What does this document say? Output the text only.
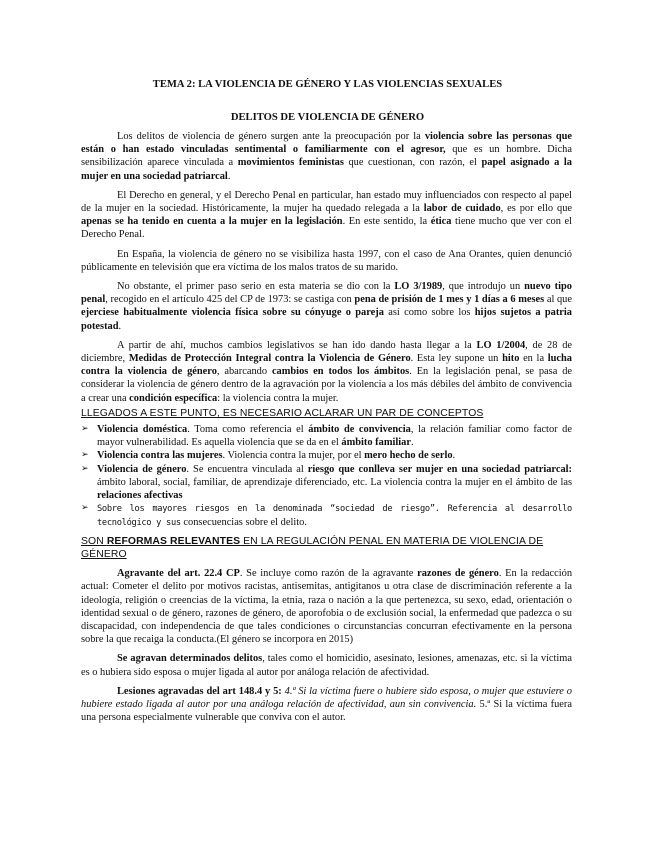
TEMA 2: LA VIOLENCIA DE GÉNERO Y LAS VIOLENCIAS SEXUALES
DELITOS DE VIOLENCIA DE GÉNERO

Los delitos de violencia de género surgen ante la preocupación por la violencia sobre las personas que están o han estado vinculadas sentimental o familiarmente con el agresor, que es un hombre. Dicha sensibilización aparece vinculada a movimientos feministas que cuestionan, con razón, el papel asignado a la mujer en una sociedad patriarcal.

El Derecho en general, y el Derecho Penal en particular, han estado muy influenciados con respecto al papel de la mujer en la sociedad. Históricamente, la mujer ha quedado relegada a la labor de cuidado, es por ello que apenas se ha tenido en cuenta a la mujer en la legislación. En este sentido, la ética tiene mucho que ver con el Derecho Penal.

En España, la violencia de género no se visibiliza hasta 1997, con el caso de Ana Orantes, quien denunció públicamente en televisión que era víctima de los malos tratos de su marido.

No obstante, el primer paso serio en esta materia se dio con la LO 3/1989, que introdujo un nuevo tipo penal, recogido en el artículo 425 del CP de 1973: se castiga con pena de prisión de 1 mes y 1 días a 6 meses al que ejerciese habitualmente violencia física sobre su cónyuge o pareja así como sobre los hijos sujetos a patria potestad.

A partir de ahí, muchos cambios legislativos se han ido dando hasta llegar a la LO 1/2004, de 28 de diciembre, Medidas de Protección Integral contra la Violencia de Género. Esta ley supone un hito en la lucha contra la violencia de género, abarcando cambios en todos los ámbitos. En la legislación penal, se pasa de considerar la violencia de género dentro de la agravación por la violencia a los más débiles del ámbito de convivencia a crear una condición específica: la violencia contra la mujer.

LLEGADOS A ESTE PUNTO, ES NECESARIO ACLARAR UN PAR DE CONCEPTOS
➢ Violencia doméstica. Toma como referencia el ámbito de convivencia, la relación familiar como factor de mayor vulnerabilidad. Es aquella violencia que se da en el ámbito familiar.
➢ Violencia contra las mujeres. Violencia contra la mujer, por el mero hecho de serlo.
➢ Violencia de género. Se encuentra vinculada al riesgo que conlleva ser mujer en una sociedad patriarcal: ámbito laboral, social, familiar, de aprendizaje diferenciado, etc. La violencia contra la mujer en el ámbito de las relaciones afectivas
➢ Sobre los mayores riesgos en la denominada “sociedad de riesgo”. Referencia al desarrollo tecnológico y sus consecuencias sobre el delito.
SON REFORMAS RELEVANTES EN LA REGULACIÓN PENAL EN MATERIA DE VIOLENCIA DE GÉNERO

Agravante del art. 22.4 CP. Se incluye como razón de la agravante razones de género. En la redacción actual: Cometer el delito por motivos racistas, antisemitas, antigitanos u otra clase de discriminación referente a la ideología, religión o creencias de la víctima, la etnia, raza o nación a la que pertenezca, su sexo, edad, orientación o identidad sexual o de género, razones de género, de aporofobia o de exclusión social, la enfermedad que padezca o su discapacidad, con independencia de que tales condiciones o circunstancias concurran efectivamente en la persona sobre la que recaiga la conducta.(El género se incorpora en 2015)

Se agravan determinados delitos, tales como el homicidio, asesinato, lesiones, amenazas, etc. si la víctima es o hubiera sido esposa o mujer ligada al autor por análoga relación de afectividad.

Lesiones agravadas del art 148.4 y 5: 4.ª Si la víctima fuere o hubiere sido esposa, o mujer que estuviere o hubiere estado ligada al autor por una análoga relación de afectividad, aun sin convivencia. 5.ª Si la víctima fuera una persona especialmente vulnerable que conviva con el autor.
